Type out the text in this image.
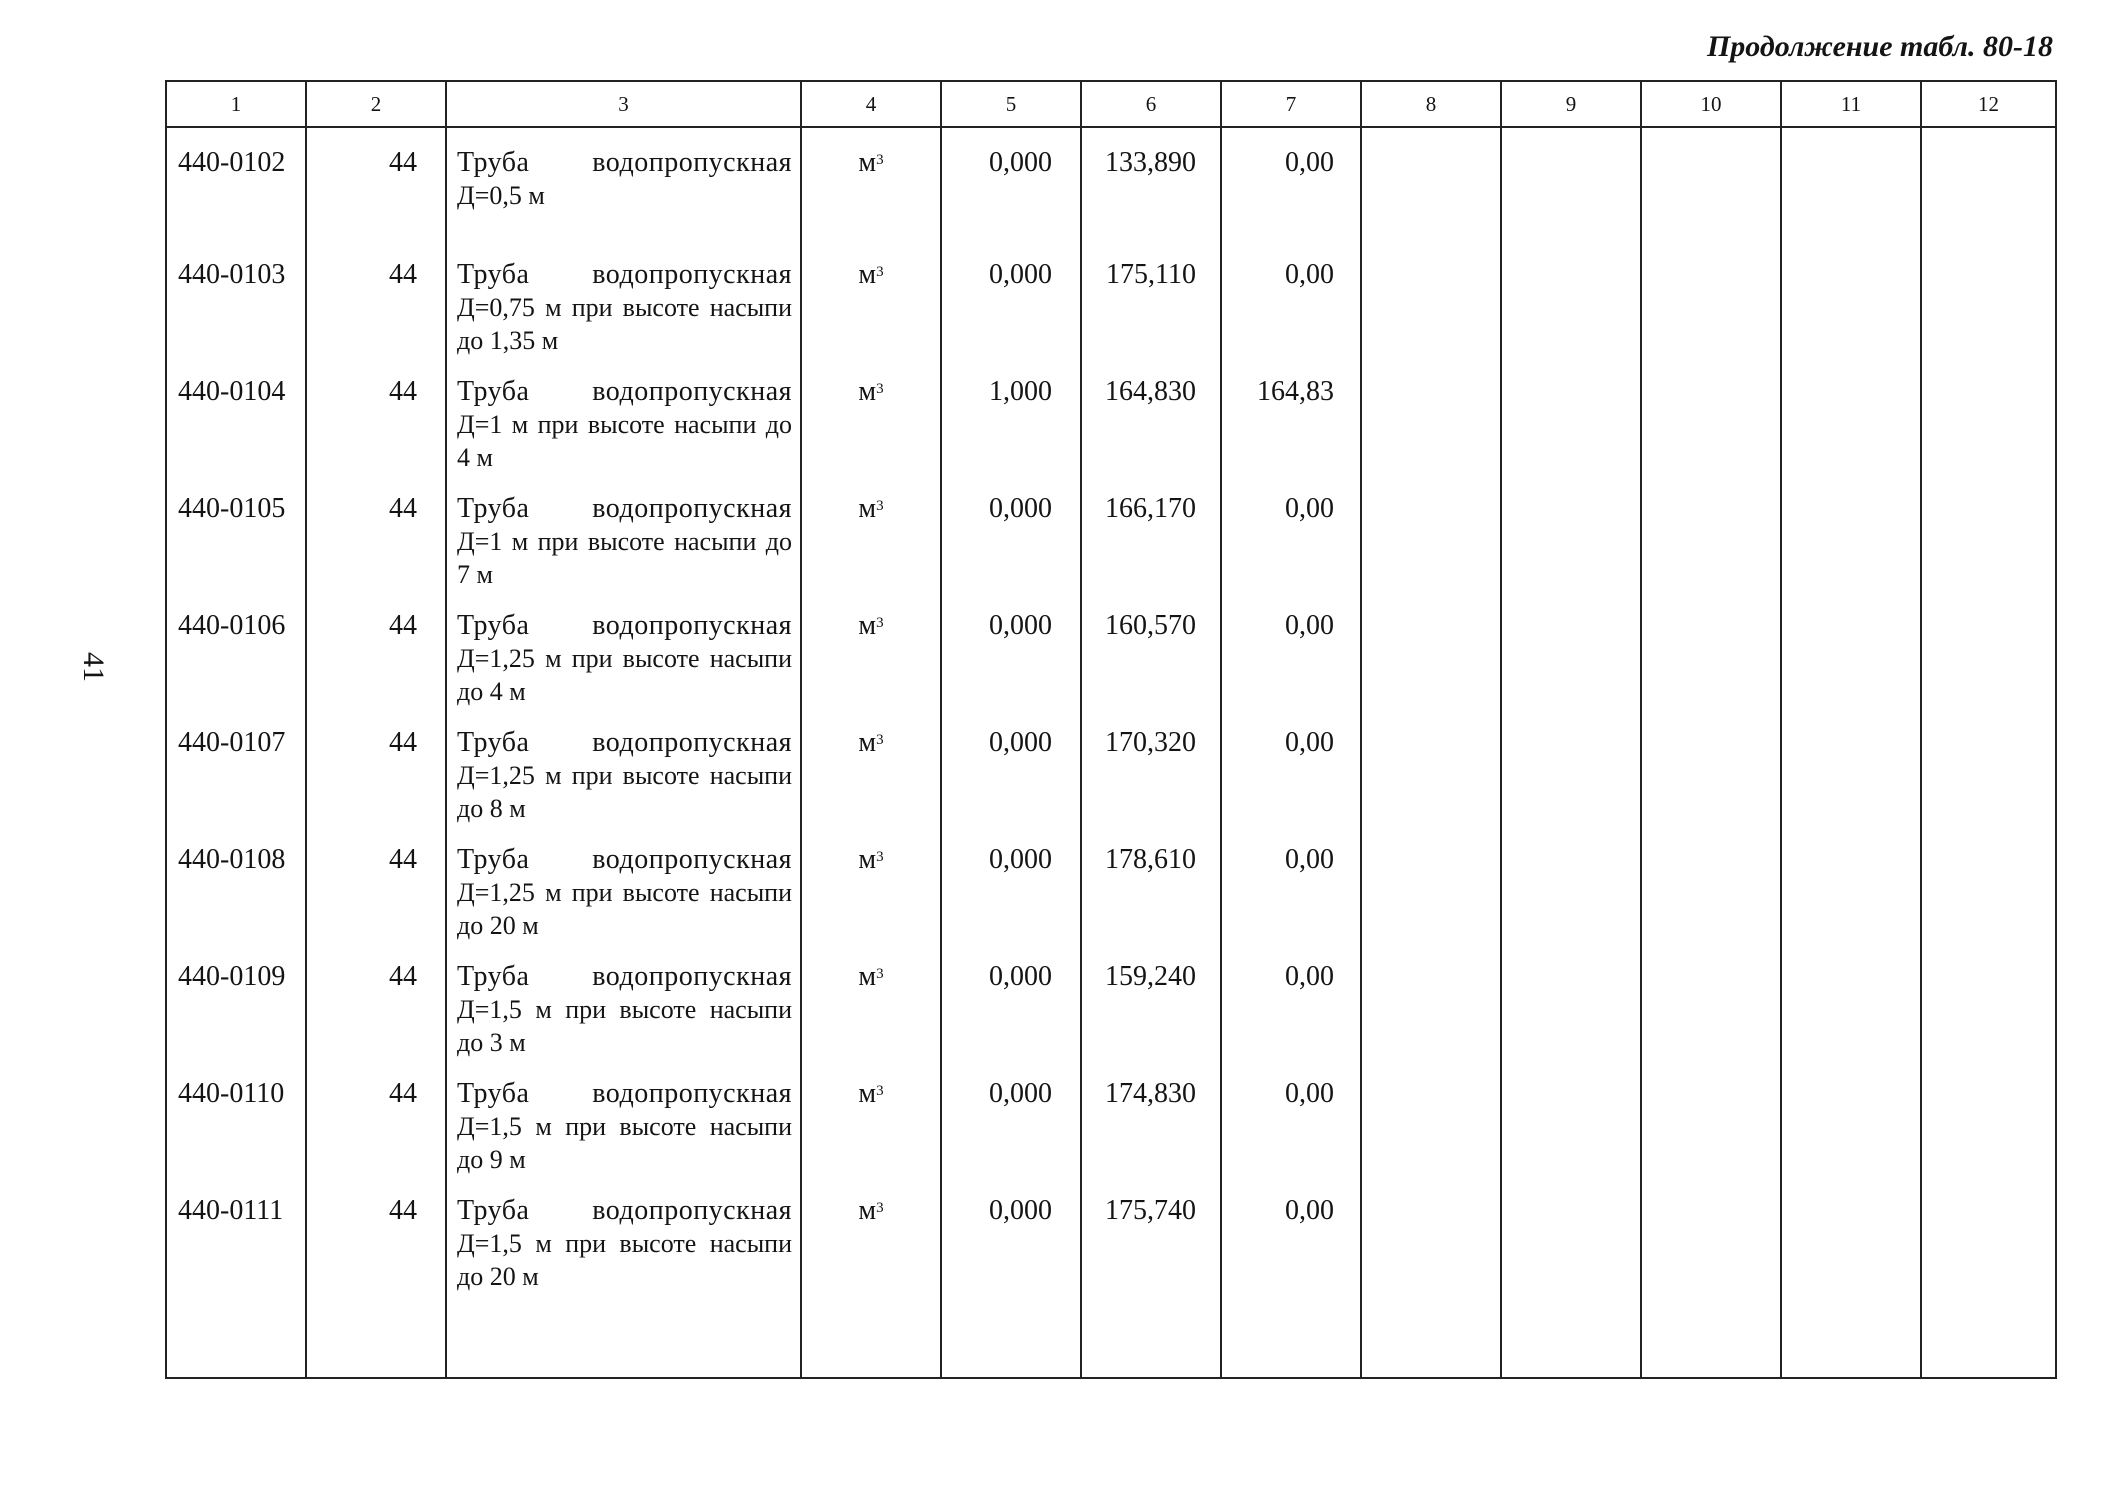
Продолжение табл. 80-18
41
1	2	3	4	5	6	7	8	9	10	11	12
440-0102	44	Труба водопропускная
Д=0,5 м	$м^3$	0,000	133,890	0,00					
440-0103	44	Труба водопропускная
Д=0,75 м при высоте насыпи до 1,35 м	$м^3$	0,000	175,110	0,00					
440-0104	44	Труба водопропускная
Д=1 м при высоте насыпи до 4 м	$м^3$	1,000	164,830	164,83					
440-0105	44	Труба водопропускная
Д=1 м при высоте насыпи до 7 м	$м^3$	0,000	166,170	0,00					
440-0106	44	Труба водопропускная
Д=1,25 м при высоте насыпи до 4 м	$м^3$	0,000	160,570	0,00					
440-0107	44	Труба водопропускная
Д=1,25 м при высоте насыпи до 8 м	$м^3$	0,000	170,320	0,00					
440-0108	44	Труба водопропускная
Д=1,25 м при высоте насыпи до 20 м	$м^3$	0,000	178,610	0,00					
440-0109	44	Труба водопропускная
Д=1,5 м при высоте насыпи до 3 м	$м^3$	0,000	159,240	0,00					
440-0110	44	Труба водопропускная
Д=1,5 м при высоте насыпи до 9 м	$м^3$	0,000	174,830	0,00					
440-0111	44	Труба водопропускная
Д=1,5 м при высоте насыпи до 20 м	$м^3$	0,000	175,740	0,00					
